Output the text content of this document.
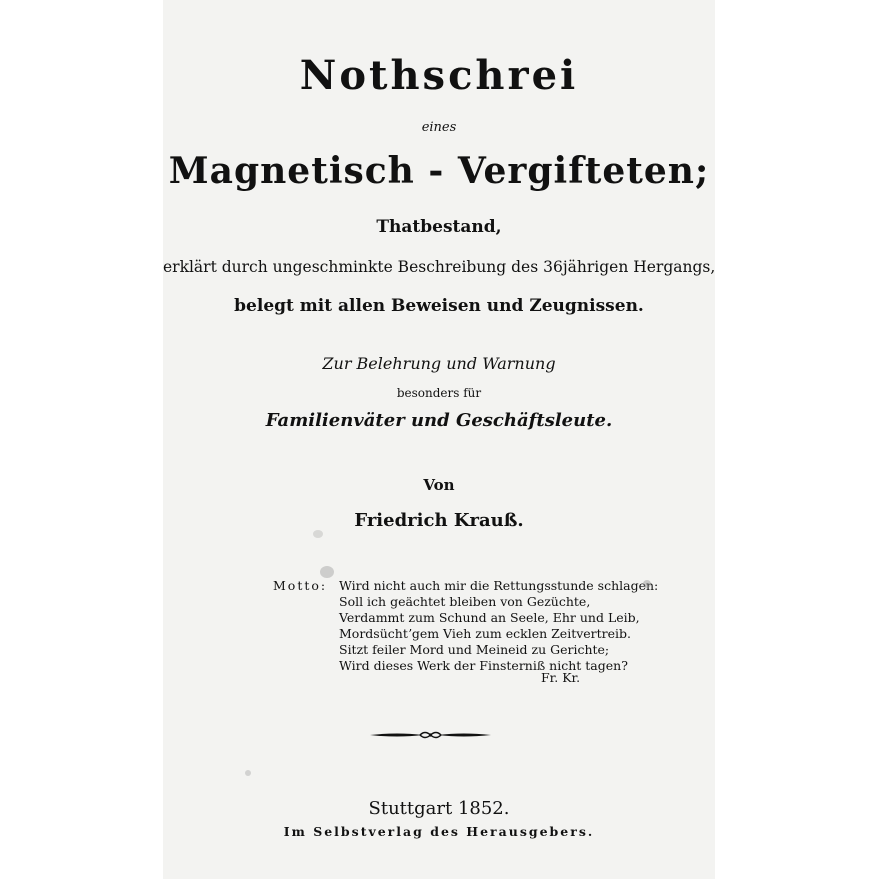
Nothschrei
eines
Magnetisch - Vergifteten;
Thatbestand,
erklärt durch ungeschminkte Beschreibung des 36jährigen Hergangs,
belegt mit allen Beweisen und Zeugnissen.
Zur Belehrung und Warnung
besonders für
Familienväter und Geschäftsleute.
Von
Friedrich Krauß.
Motto: Wird nicht auch mir die Rettungsstunde schlagen:
Soll ich geächtet bleiben von Gezüchte,
Verdammt zum Schund an Seele, Ehr und Leib,
Mordsüchtʼgem Vieh zum ecklen Zeitvertreib.
Sitzt feiler Mord und Meineid zu Gerichte;
Wird dieses Werk der Finsterniß nicht tagen?
Fr. Kr.
Stuttgart 1852.
Im Selbstverlag des Herausgebers.
